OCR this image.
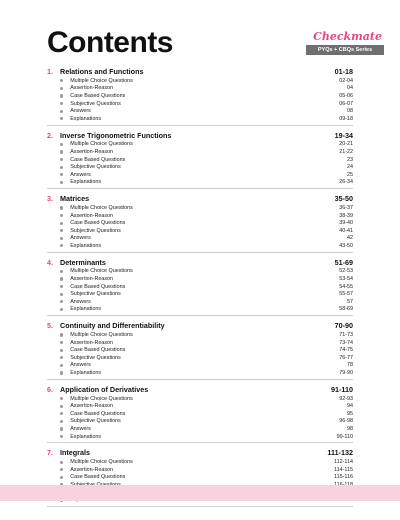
Contents	Checkmate
PYQs + CBQs Series
1. Relations and Functions	01-18
Multiple Choice Questions	02-04
Assertion-Reason	04
Case Based Questions	05-06
Subjective Questions	06-07
Answers	08
Explanations	09-18
2. Inverse Trigonometric Functions	19-34
Multiple Choice Questions	20-21
Assertion-Reason	21-22
Case Based Questions	23
Subjective Questions	24
Answers	25
Explanations	26-34
3. Matrices	35-50
Multiple Choice Questions	36-37
Assertion-Reason	38-39
Case Based Questions	39-40
Subjective Questions	40-41
Answers	42
Explanations	43-50
4. Determinants	51-69
Multiple Choice Questions	52-53
Assertion-Reason	53-54
Case Based Questions	54-55
Subjective Questions	55-57
Answers	57
Explanations	58-69
5. Continuity and Differentiability	70-90
Multiple Choice Questions	71-73
Assertion-Reason	73-74
Case Based Questions	74-75
Subjective Questions	76-77
Answers	78
Explanations	79-90
6. Application of Derivatives	91-110
Multiple Choice Questions	92-93
Assertion-Reason	94
Case Based Questions	95
Subjective Questions	96-98
Answers	98
Explanations	99-110
7. Integrals	111-132
Multiple Choice Questions	112-114
Assertion-Reason	114-115
Case Based Questions	115-116
